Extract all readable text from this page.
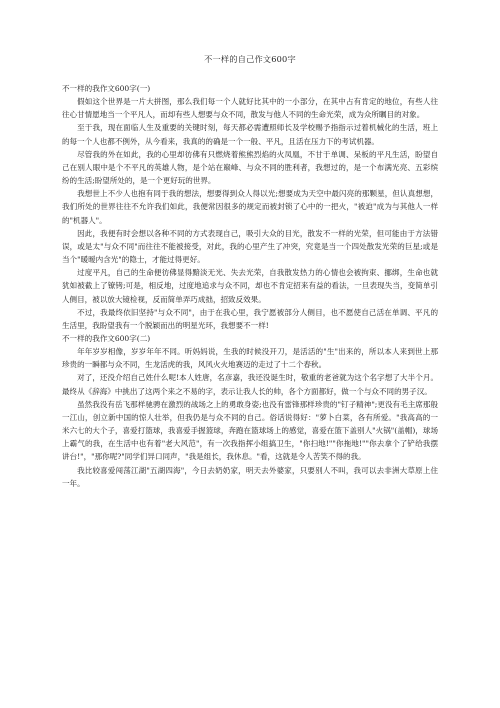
不一样的自己作文600字

不一样的我作文600字(一)

假如这个世界是一片大拼图，那么我们每一个人就好比其中的一小部分，在其中占有肯定的地位，有些人往往心甘情愿地当一个平凡人，而却有些人想要与众不同，散发与他人不同的生命光荣，成为众所瞩目的对象。

至于我，现在面临人生及重要的关键时刻，每天都必需遭照师长及学校赐予指指示过着机械化的生活，班上的每一个人也都不例外，从今看来，我真的的确是一个一般、平凡，且活在压力下的考试机器。

尽管我的外在如此，我的心里却彷佛有只燃烧着熊熊烈焰的火凤凰，不甘于单调、呆板的平凡生活，盼望自己在别人眼中是个不平凡的英雄人物，是个站在巅峰、与众不同的胜利者，我想过的，是一个布满光亮、五彩缤纷的生活;盼望所处的，是一个更好玩的世界。

我想世上不少人也抱有同于我的想法，想要得到众人得以光;想要成为天空中最闪亮的那颗星，但认真想想，我们所处的世界往往不允许我们如此，我便常因很多的规定而被封锁了心中的一把火，"被迫"成为与其他人一样的"机器人"。

因此，我便有时会想以各种不同的方式表现自己，吸引大众的目光，散发不一样的光荣，但可能由于方法错误，或是太"与众不同"而往往不能被接受，对此，我的心里产生了冲突，究竟是当一个四处散发光荣的巨星;或是当个"暖暧内含光"的隐士，才能过得更好。

过度平凡，自己的生命便彷佛显得黯淡无光、失去光荣，自我散发热力的心情也会被拘束、挪绑，生命也就犹如被截上了镣铐;可是，相反地，过度地追求与众不同，却也不肯定招来有益的看法，一旦表现失当，变简单引人侧目，被以放大镜检视，反而简单弄巧成拙，招致反效果。

不过，我最终依旧坚持"与众不同"，由于在我心里，我宁愿被部分人侧目，也不愿使自己活在单调、平凡的生活里，我盼望我有一个脱颖而出的明星光环，我想要不一样!

不一样的我作文600字(二)

年年岁岁相像，岁岁年年不同。听妈妈说，生我的时候没开刀，是活活的"生"出来的，所以本人来到世上那珍贵的一瞬都与众不同，生龙活虎的我，风风火火地赛迈的走过了十二个春秋。

对了，还没介绍自己姓什么呢!本人姓唐，名彦嘉，我还没诞生时，敬重的老爸就为这个名字想了大半个月。最终从《辞海》中挑出了这两个来之不易的字，表示让我人长的帅，各个方面都好，做一个与众不同的男子汉。

虽然我没有岳飞那样驰骋在激烈的战场之上的勇敢身姿;也没有雷锋那样珍贵的"钉子精神";更没有毛主席那般一江山，创立新中国的惊人壮举，但我仍是与众不同的自己。俗话说得好："萝卜白菜，各有所爱。"我高高的一米六七的大个子，喜爱打篮球，我喜爱手握篮球，奔跑在篮球场上的感觉，喜爱在篮下盖别人"火锅"(盖帽)，球场上霸气的我，在生活中也有着"老大风范"，有一次我指挥小组搞卫生，"你扫地!""你拖地!""你去拿个了铲给我摆讲台!"，"那你呢?"同学们异口同声，"我是组长，我休息。"看，这就是令人苦笑不得的我。

我比较喜爱闯荡江湖"五湖四海"，今日去奶奶家，明天去外婆家，只要别人不叫，我可以去非洲大草原上住一年。
